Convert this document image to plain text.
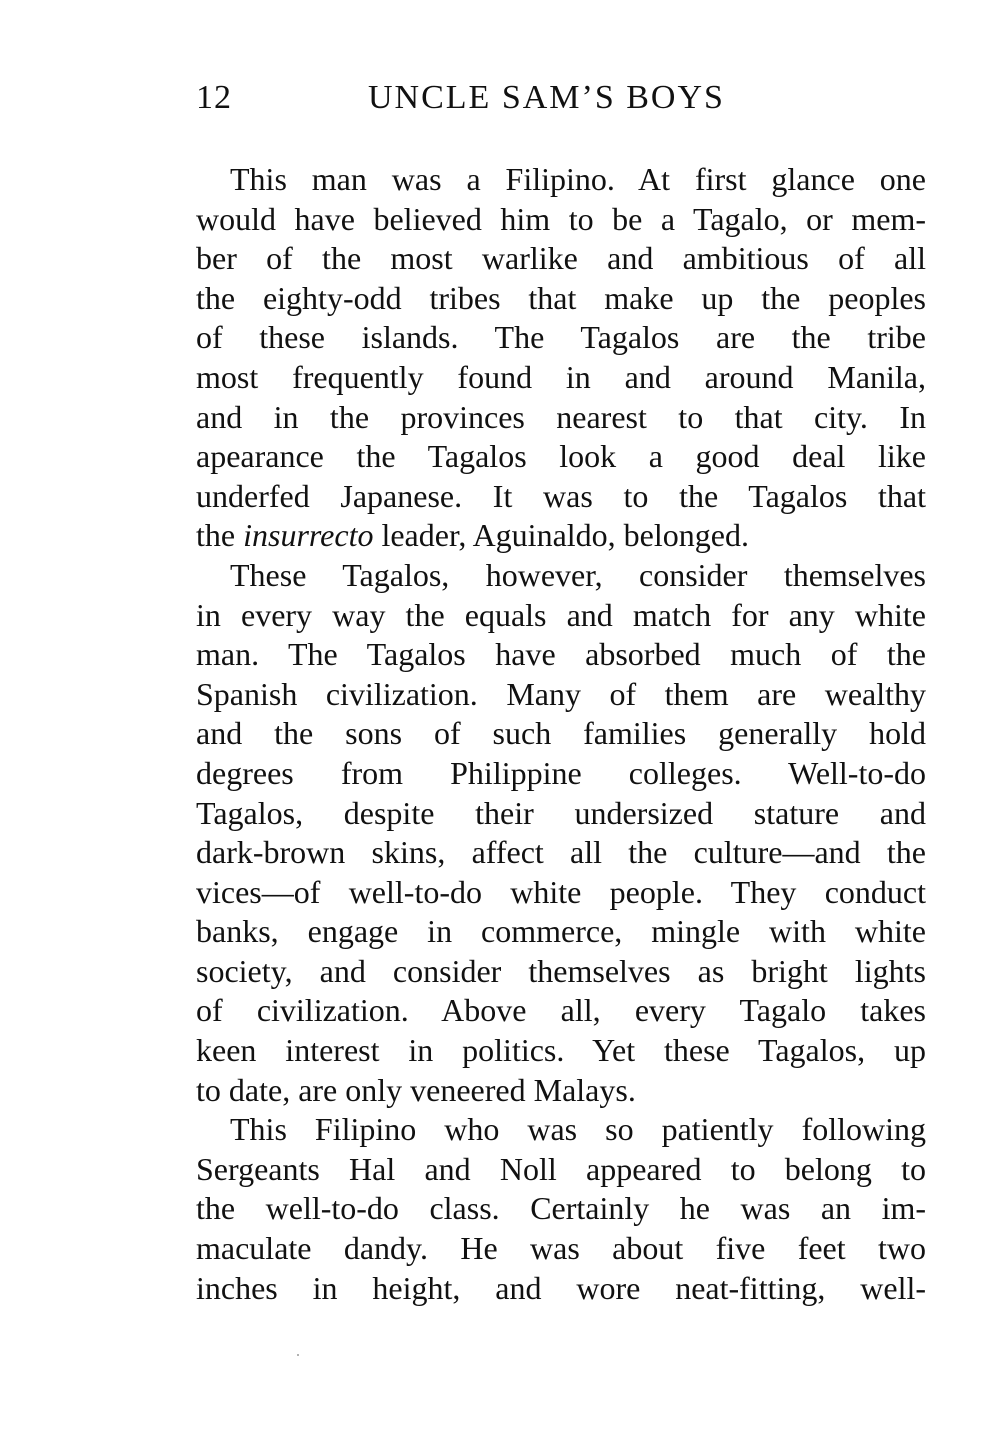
12	UNCLE SAM’S BOYS
This man was a Filipino. At first glance one
would have believed him to be a Tagalo, or mem-
ber of the most warlike and ambitious of all
the eighty-odd tribes that make up the peoples
of these islands. The Tagalos are the tribe
most frequently found in and around Manila,
and in the provinces nearest to that city. In
apearance the Tagalos look a good deal like
underfed Japanese. It was to the Tagalos that
the insurrecto leader, Aguinaldo, belonged.
These Tagalos, however, consider themselves
in every way the equals and match for any white
man. The Tagalos have absorbed much of the
Spanish civilization. Many of them are wealthy
and the sons of such families generally hold
degrees from Philippine colleges. Well-to-do
Tagalos, despite their undersized stature and
dark-brown skins, affect all the culture—and the
vices—of well-to-do white people. They conduct
banks, engage in commerce, mingle with white
society, and consider themselves as bright lights
of civilization. Above all, every Tagalo takes
keen interest in politics. Yet these Tagalos, up
to date, are only veneered Malays.
This Filipino who was so patiently following
Sergeants Hal and Noll appeared to belong to
the well-to-do class. Certainly he was an im-
maculate dandy. He was about five feet two
inches in height, and wore neat-fitting, well-
